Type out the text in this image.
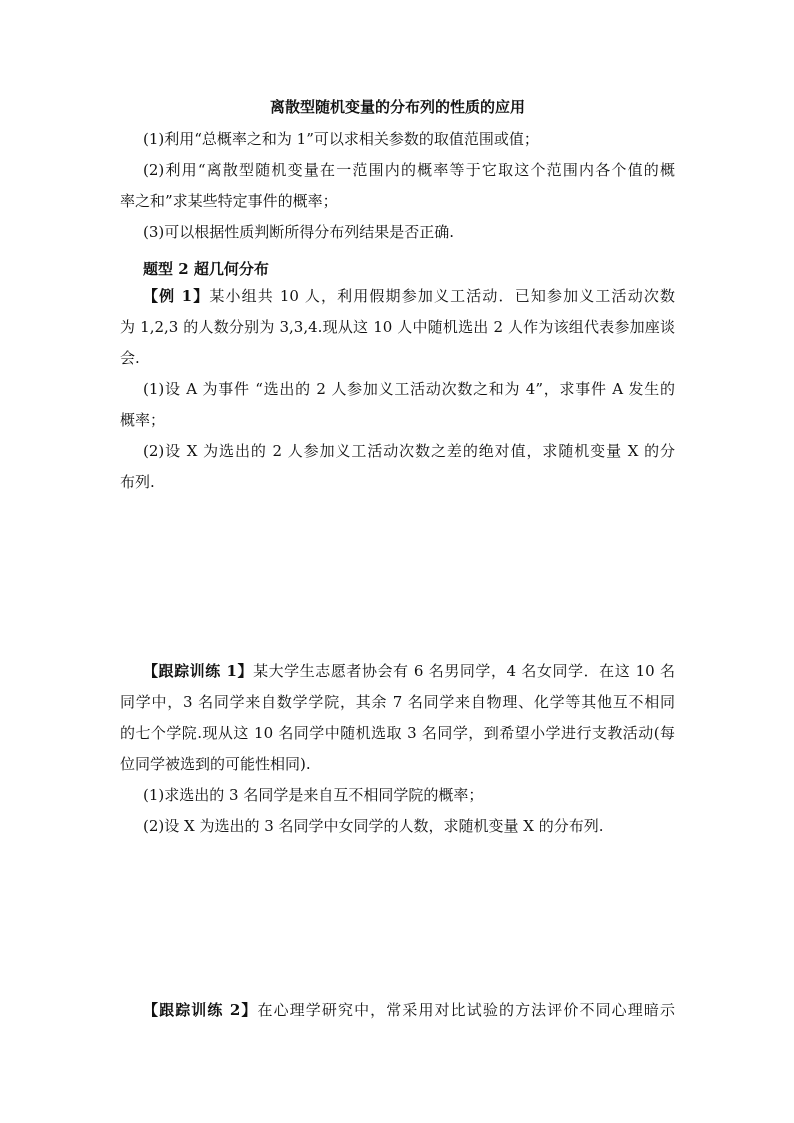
离散型随机变量的分布列的性质的应用
(1)利用“总概率之和为 1”可以求相关参数的取值范围或值；
(2)利用“离散型随机变量在一范围内的概率等于它取这个范围内各个值的概
率之和”求某些特定事件的概率；
(3)可以根据性质判断所得分布列结果是否正确.
题型 2 超几何分布
【例 1】某小组共 10 人，利用假期参加义工活动．已知参加义工活动次数
为 1,2,3 的人数分别为 3,3,4.现从这 10 人中随机选出 2 人作为该组代表参加座谈
会.
(1)设 A 为事件 “选出的 2 人参加义工活动次数之和为 4”，求事件 A 发生的
概率；
(2)设 X 为选出的 2 人参加义工活动次数之差的绝对值，求随机变量 X 的分
布列.
【跟踪训练 1】某大学生志愿者协会有 6 名男同学，4 名女同学．在这 10 名
同学中，3 名同学来自数学学院，其余 7 名同学来自物理、化学等其他互不相同
的七个学院.现从这 10 名同学中随机选取 3 名同学，到希望小学进行支教活动(每
位同学被选到的可能性相同).
(1)求选出的 3 名同学是来自互不相同学院的概率；
(2)设 X 为选出的 3 名同学中女同学的人数，求随机变量 X 的分布列.
【跟踪训练 2】在心理学研究中，常采用对比试验的方法评价不同心理暗示
